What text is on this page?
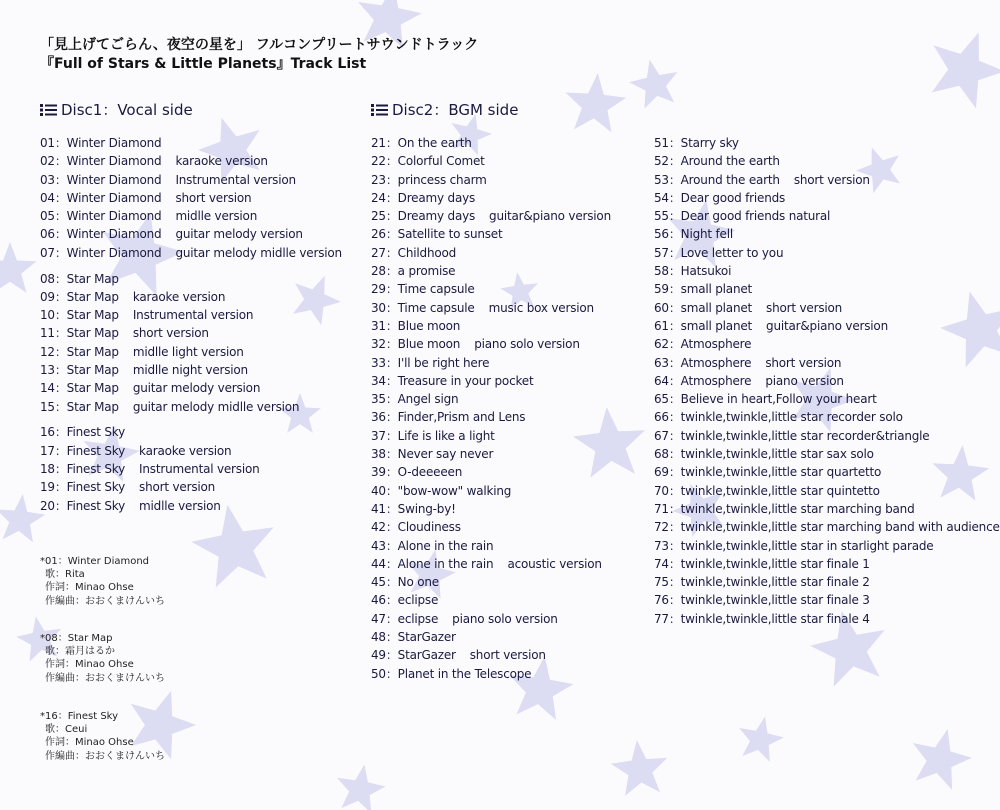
「見上げてごらん、夜空の星を」 フルコンプリートサウンドトラック
『Full of Stars & Little Planets』Track List
Disc1：Vocal side	Disc2：BGM side
01：Winter Diamond
02：Winter Diamond karaoke version
03：Winter Diamond Instrumental version
04：Winter Diamond short version
05：Winter Diamond midlle version
06：Winter Diamond guitar melody version
07：Winter Diamond guitar melody midlle version
08：Star Map
09：Star Map karaoke version
10：Star Map Instrumental version
11：Star Map short version
12：Star Map midlle light version
13：Star Map midlle night version
14：Star Map guitar melody version
15：Star Map guitar melody midlle version
16：Finest Sky
17：Finest Sky karaoke version
18：Finest Sky Instrumental version
19：Finest Sky short version
20：Finest Sky midlle version
21：On the earth
22：Colorful Comet
23：princess charm
24：Dreamy days
25：Dreamy days guitar&piano version
26：Satellite to sunset
27：Childhood
28：a promise
29：Time capsule
30：Time capsule music box version
31：Blue moon
32：Blue moon piano solo version
33：I'll be right here
34：Treasure in your pocket
35：Angel sign
36：Finder,Prism and Lens
37：Life is like a light
38：Never say never
39：O-deeeeen
40："bow-wow" walking
41：Swing-by!
42：Cloudiness
43：Alone in the rain
44：Alone in the rain acoustic version
45：No one
46：eclipse
47：eclipse piano solo version
48：StarGazer
49：StarGazer short version
50：Planet in the Telescope
51：Starry sky
52：Around the earth
53：Around the earth short version
54：Dear good friends
55：Dear good friends natural
56：Night fell
57：Love letter to you
58：Hatsukoi
59：small planet
60：small planet short version
61：small planet guitar&piano version
62：Atmosphere
63：Atmosphere short version
64：Atmosphere piano version
65：Believe in heart,Follow your heart
66：twinkle,twinkle,little star recorder solo
67：twinkle,twinkle,little star recorder&triangle
68：twinkle,twinkle,little star sax solo
69：twinkle,twinkle,little star quartetto
70：twinkle,twinkle,little star quintetto
71：twinkle,twinkle,little star marching band
72：twinkle,twinkle,little star marching band with audience
73：twinkle,twinkle,little star in starlight parade
74：twinkle,twinkle,little star finale 1
75：twinkle,twinkle,little star finale 2
76：twinkle,twinkle,little star finale 3
77：twinkle,twinkle,little star finale 4
*01：Winter Diamond
歌：Rita
作詞：Minao Ohse
作編曲：おおくまけんいち
*08：Star Map
歌：霜月はるか
作詞：Minao Ohse
作編曲：おおくまけんいち
*16：Finest Sky
歌：Ceui
作詞：Minao Ohse
作編曲：おおくまけんいち
